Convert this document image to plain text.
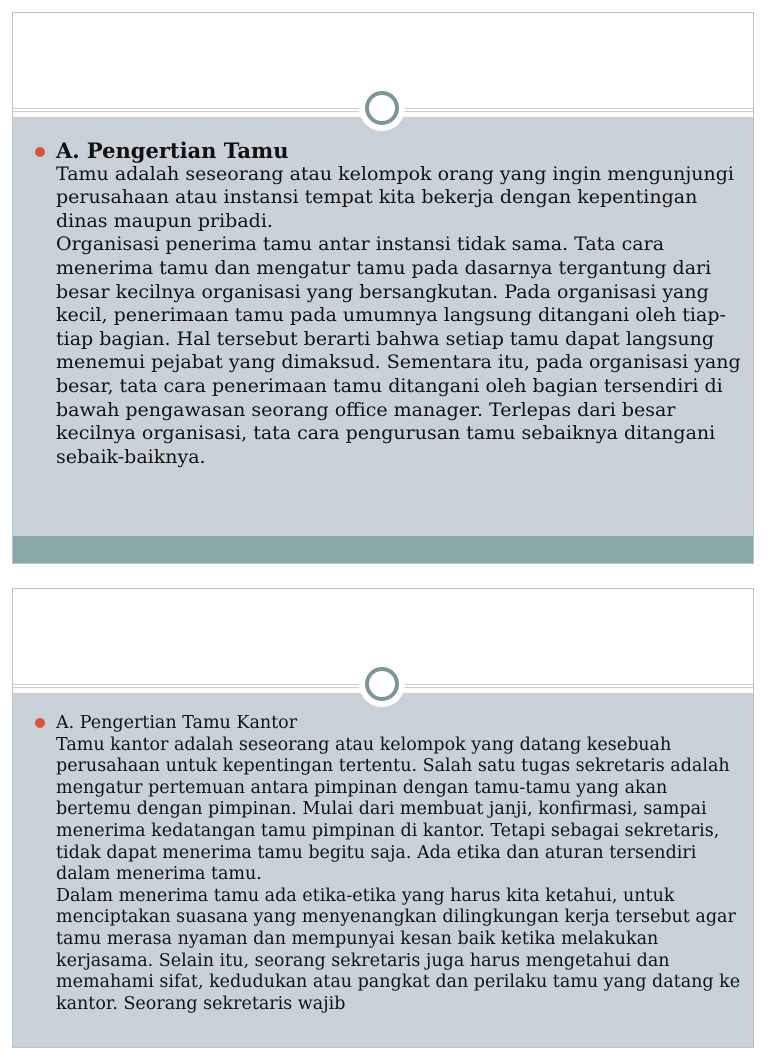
A. Pengertian Tamu

Tamu adalah seseorang atau kelompok orang yang ingin mengunjungi perusahaan atau instansi tempat kita bekerja dengan kepentingan dinas maupun pribadi.

Organisasi penerima tamu antar instansi tidak sama. Tata cara menerima tamu dan mengatur tamu pada dasarnya tergantung dari besar kecilnya organisasi yang bersangkutan. Pada organisasi yang kecil, penerimaan tamu pada umumnya langsung ditangani oleh tiap-tiap bagian. Hal tersebut berarti bahwa setiap tamu dapat langsung menemui pejabat yang dimaksud. Sementara itu, pada organisasi yang besar, tata cara penerimaan tamu ditangani oleh bagian tersendiri di bawah pengawasan seorang office manager. Terlepas dari besar kecilnya organisasi, tata cara pengurusan tamu sebaiknya ditangani sebaik-baiknya.

A. Pengertian Tamu Kantor

Tamu kantor adalah seseorang atau kelompok yang datang kesebuah perusahaan untuk kepentingan tertentu. Salah satu tugas sekretaris adalah mengatur pertemuan antara pimpinan dengan tamu-tamu yang akan bertemu dengan pimpinan. Mulai dari membuat janji, konfirmasi, sampai menerima kedatangan tamu pimpinan di kantor. Tetapi sebagai sekretaris, tidak dapat menerima tamu begitu saja. Ada etika dan aturan tersendiri dalam menerima tamu.

Dalam menerima tamu ada etika-etika yang harus kita ketahui, untuk menciptakan suasana yang menyenangkan dilingkungan kerja tersebut agar tamu merasa nyaman dan mempunyai kesan baik ketika melakukan kerjasama. Selain itu, seorang sekretaris juga harus mengetahui dan memahami sifat, kedudukan atau pangkat dan perilaku tamu yang datang ke kantor. Seorang sekretaris wajib
